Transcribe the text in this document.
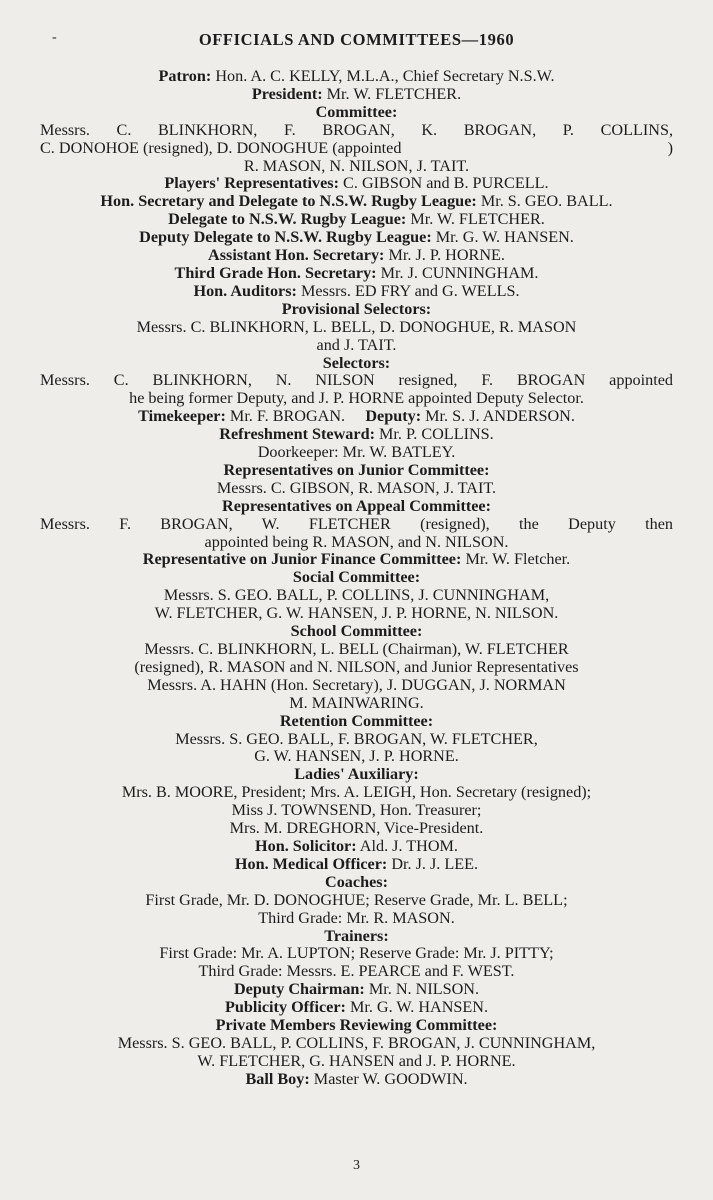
-	OFFICIALS AND COMMITTEES—1960
Patron: Hon. A. C. KELLY, M.L.A., Chief Secretary N.S.W.
President: Mr. W. FLETCHER.
Committee:
Messrs. C. BLINKHORN, F. BROGAN, K. BROGAN, P. COLLINS,
C. DONOHOE (resigned), D. DONOGHUE (appointed	)
R. MASON, N. NILSON, J. TAIT.
Players' Representatives: C. GIBSON and B. PURCELL.
Hon. Secretary and Delegate to N.S.W. Rugby League: Mr. S. GEO. BALL.
Delegate to N.S.W. Rugby League: Mr. W. FLETCHER.
Deputy Delegate to N.S.W. Rugby League: Mr. G. W. HANSEN.
Assistant Hon. Secretary: Mr. J. P. HORNE.
Third Grade Hon. Secretary: Mr. J. CUNNINGHAM.
Hon. Auditors: Messrs. ED FRY and G. WELLS.
Provisional Selectors:
Messrs. C. BLINKHORN, L. BELL, D. DONOGHUE, R. MASON
and J. TAIT.
Selectors:
Messrs. C. BLINKHORN, N. NILSON resigned, F. BROGAN appointed
he being former Deputy, and J. P. HORNE appointed Deputy Selector.
Timekeeper: Mr. F. BROGAN. Deputy: Mr. S. J. ANDERSON.
Refreshment Steward: Mr. P. COLLINS.
Doorkeeper: Mr. W. BATLEY.
Representatives on Junior Committee:
Messrs. C. GIBSON, R. MASON, J. TAIT.
Representatives on Appeal Committee:
Messrs. F. BROGAN, W. FLETCHER (resigned), the Deputy then
appointed being R. MASON, and N. NILSON.
Representative on Junior Finance Committee: Mr. W. Fletcher.
Social Committee:
Messrs. S. GEO. BALL, P. COLLINS, J. CUNNINGHAM,
W. FLETCHER, G. W. HANSEN, J. P. HORNE, N. NILSON.
School Committee:
Messrs. C. BLINKHORN, L. BELL (Chairman), W. FLETCHER
(resigned), R. MASON and N. NILSON, and Junior Representatives
Messrs. A. HAHN (Hon. Secretary), J. DUGGAN, J. NORMAN
M. MAINWARING.
Retention Committee:
Messrs. S. GEO. BALL, F. BROGAN, W. FLETCHER,
G. W. HANSEN, J. P. HORNE.
Ladies' Auxiliary:
Mrs. B. MOORE, President; Mrs. A. LEIGH, Hon. Secretary (resigned);
Miss J. TOWNSEND, Hon. Treasurer;
Mrs. M. DREGHORN, Vice-President.
Hon. Solicitor: Ald. J. THOM.
Hon. Medical Officer: Dr. J. J. LEE.
Coaches:
First Grade, Mr. D. DONOGHUE; Reserve Grade, Mr. L. BELL;
Third Grade: Mr. R. MASON.
Trainers:
First Grade: Mr. A. LUPTON; Reserve Grade: Mr. J. PITTY;
Third Grade: Messrs. E. PEARCE and F. WEST.
Deputy Chairman: Mr. N. NILSON.
Publicity Officer: Mr. G. W. HANSEN.
Private Members Reviewing Committee:
Messrs. S. GEO. BALL, P. COLLINS, F. BROGAN, J. CUNNINGHAM,
W. FLETCHER, G. HANSEN and J. P. HORNE.
Ball Boy: Master W. GOODWIN.
3
